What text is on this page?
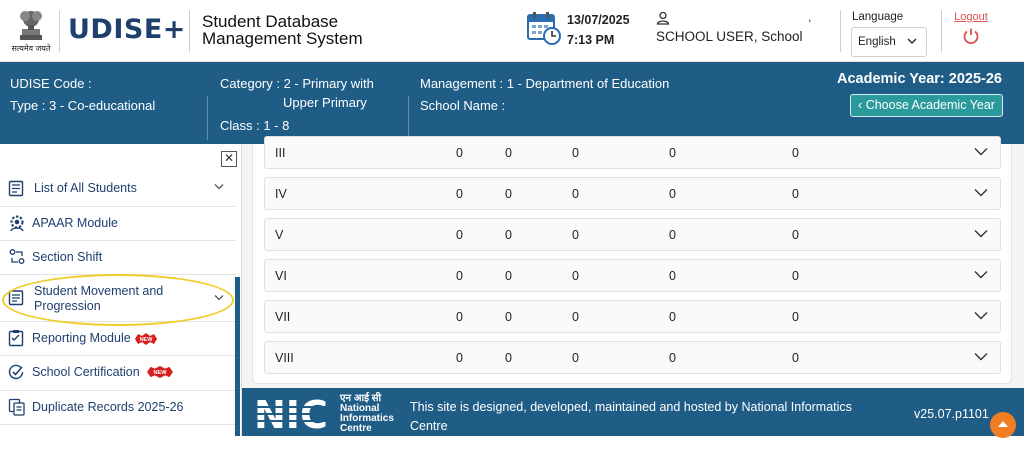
सत्यमेव जयते
UDISE+ Student Database
Management System
13/07/2025
7:13 PM
,
SCHOOL USER, School
Language
English
Logout
UDISE Code :
Type : 3 - Co-educational
Category : 2 - Primary with
Upper Primary
Class : 1 - 8
Management : 1 - Department of Education
School Name :
Academic Year: 2025-26
‹ Choose Academic Year
✕
List of All Students
APAAR Module
Section Shift
Student Movement and
Progression
Reporting Module NEW
School Certification NEW
Duplicate Records 2025-26
III	0	0	0	0	0
IV	0	0	0	0	0
V	0	0	0	0	0
VI	0	0	0	0	0
VII	0	0	0	0	0
VIII	0	0	0	0	0
एन आई सी
National
Informatics
Centre
This site is designed, developed, maintained and hosted by National Informatics Centre
(NIC), Ministry of Electronics & Information Technology.
v25.07.p1101
